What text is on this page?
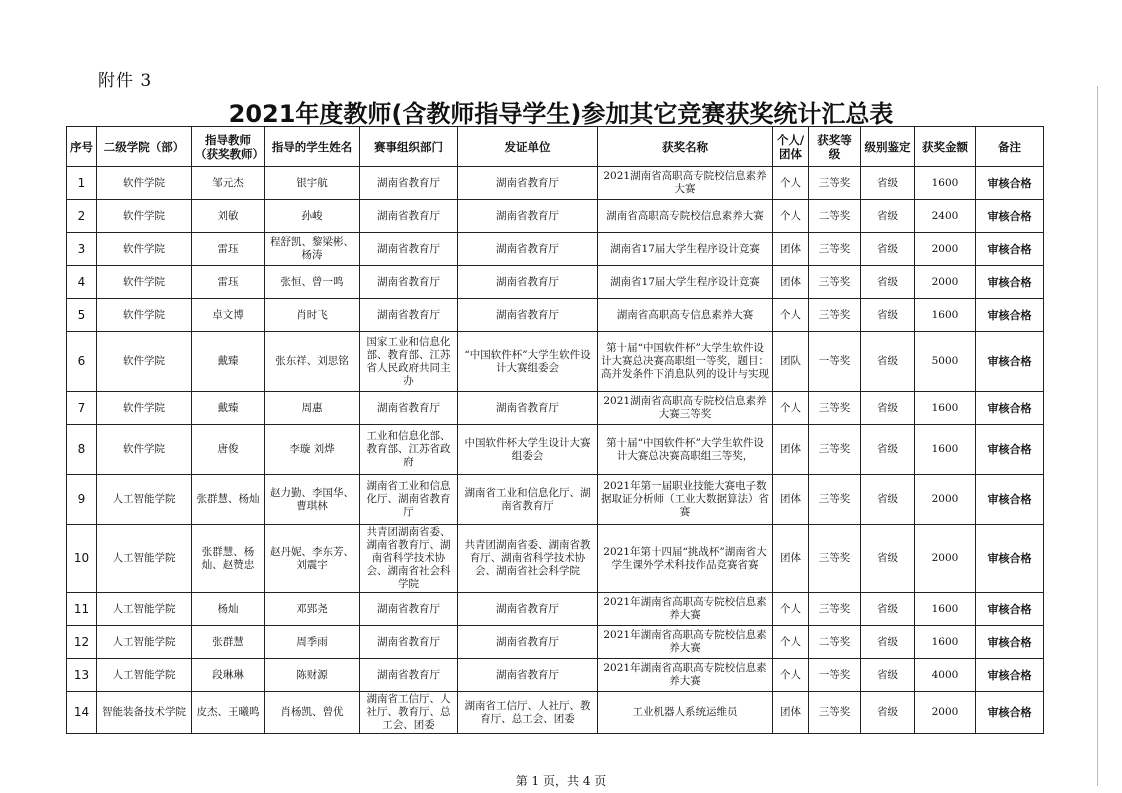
附件 3
2021年度教师(含教师指导学生)参加其它竞赛获奖统计汇总表
序号	二级学院（部）	指导教师（获奖教师）	指导的学生姓名	赛事组织部门	发证单位	获奖名称	个人/团体	获奖等级	级别鉴定	获奖金额	备注
1	软件学院	邹元杰	银宇航	湖南省教育厅	湖南省教育厅	2021湖南省高职高专院校信息素养大赛	个人	三等奖	省级	1600	审核合格
2	软件学院	刘敏	孙峻	湖南省教育厅	湖南省教育厅	湖南省高职高专院校信息素养大赛	个人	二等奖	省级	2400	审核合格
3	软件学院	雷珏	程舒凯、黎梁彬、杨涛	湖南省教育厅	湖南省教育厅	湖南省17届大学生程序设计竞赛	团体	三等奖	省级	2000	审核合格
4	软件学院	雷珏	张恒、曾一鸣	湖南省教育厅	湖南省教育厅	湖南省17届大学生程序设计竞赛	团体	三等奖	省级	2000	审核合格
5	软件学院	卓文博	肖时飞	湖南省教育厅	湖南省教育厅	湖南省高职高专信息素养大赛	个人	三等奖	省级	1600	审核合格
6	软件学院	戴臻	张东祥、刘思铭	国家工业和信息化部、教育部、江苏省人民政府共同主办	“中国软件杯”大学生软件设计大赛组委会	第十届“中国软件杯”大学生软件设计大赛总决赛高职组一等奖，题目：高并发条件下消息队列的设计与实现	团队	一等奖	省级	5000	审核合格
7	软件学院	戴臻	周惠	湖南省教育厅	湖南省教育厅	2021湖南省高职高专院校信息素养大赛三等奖	个人	三等奖	省级	1600	审核合格
8	软件学院	唐俊	李璇 刘烨	工业和信息化部、教育部、江苏省政府	中国软件杯大学生设计大赛组委会	第十届“中国软件杯”大学生软件设计大赛总决赛高职组三等奖，	团体	三等奖	省级	1600	审核合格
9	人工智能学院	张群慧、杨灿	赵力勤、李国华、曹琪林	湖南省工业和信息化厅、湖南省教育厅	湖南省工业和信息化厅、湖南省教育厅	2021年第一届职业技能大赛电子数据取证分析师（工业大数据算法）省赛	团体	三等奖	省级	2000	审核合格
10	人工智能学院	张群慧、杨灿、赵赞忠	赵丹妮、李东芳、刘震宇	共青团湖南省委、湖南省教育厅、湖南省科学技术协会、湖南省社会科学院	共青团湖南省委、湖南省教育厅、湖南省科学技术协会、湖南省社会科学院	2021年第十四届“挑战杯”湖南省大学生课外学术科技作品竞赛省赛	团体	三等奖	省级	2000	审核合格
11	人工智能学院	杨灿	邓郢尧	湖南省教育厅	湖南省教育厅	2021年湖南省高职高专院校信息素养大赛	个人	三等奖	省级	1600	审核合格
12	人工智能学院	张群慧	周季雨	湖南省教育厅	湖南省教育厅	2021年湖南省高职高专院校信息素养大赛	个人	二等奖	省级	1600	审核合格
13	人工智能学院	段琳琳	陈财源	湖南省教育厅	湖南省教育厅	2021年湖南省高职高专院校信息素养大赛	个人	一等奖	省级	4000	审核合格
14	智能装备技术学院	皮杰、王曦鸣	肖杨凯、曾优	湖南省工信厅、人社厅、教育厅、总工会、团委	湖南省工信厅、人社厅、教育厅、总工会、团委	工业机器人系统运维员	团体	三等奖	省级	2000	审核合格
第 1 页，共 4 页
